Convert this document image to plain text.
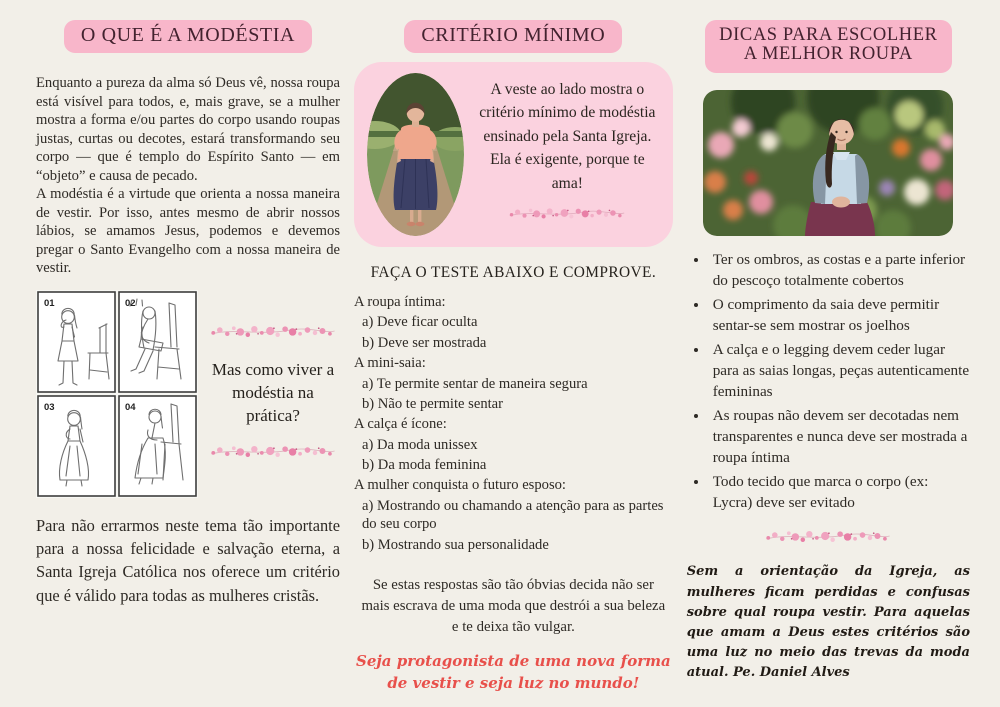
O QUE É A MODÉSTIA

Enquanto a pureza da alma só Deus vê, nossa roupa está visível para todos, e, mais grave, se a mulher mostra a forma e/ou partes do corpo usando roupas justas, curtas ou decotes, estará transformando seu corpo — que é templo do Espírito Santo — em “objeto” e causa de pecado.

A modéstia é a virtude que orienta a nossa maneira de vestir. Por isso, antes mesmo de abrir nossos lábios, se amamos Jesus, podemos e devemos pregar o Santo Evangelho com a nossa maneira de vestir.

01	02
03	04
Mas como viver a modéstia na prática?

Para não errarmos neste tema tão importante para a nossa felicidade e salvação eterna, a Santa Igreja Católica nos oferece um critério que é válido para todas as mulheres cristãs.

CRITÉRIO MÍNIMO
A veste ao lado mostra o critério mínimo de modéstia ensinado pela Santa Igreja. Ela é exigente, porque te ama!
FAÇA O TESTE ABAIXO E COMPROVE.
A roupa íntima:
a) Deve ficar oculta
b) Deve ser mostrada
A mini-saia:
a) Te permite sentar de maneira segura
b) Não te permite sentar
A calça é ícone:
a) Da moda unissex
b) Da moda feminina
A mulher conquista o futuro esposo:
a) Mostrando ou chamando a atenção para as partes do seu corpo
b) Mostrando sua personalidade

Se estas respostas são tão óbvias decida não ser mais escrava de uma moda que destrói a sua beleza e te deixa tão vulgar.

Seja protagonista de uma nova forma de vestir e seja luz no mundo!

DICAS PARA ESCOLHER
A MELHOR ROUPA
• Ter os ombros, as costas e a parte inferior do pescoço totalmente cobertos
• O comprimento da saia deve permitir sentar-se sem mostrar os joelhos
• A calça e o legging devem ceder lugar para as saias longas, peças autenticamente femininas
• As roupas não devem ser decotadas nem transparentes e nunca deve ser mostrada a roupa íntima
• Todo tecido que marca o corpo (ex: Lycra) deve ser evitado

Sem a orientação da Igreja, as mulheres ficam perdidas e confusas sobre qual roupa vestir. Para aquelas que amam a Deus estes critérios são uma luz no meio das trevas da moda atual. Pe. Daniel Alves
